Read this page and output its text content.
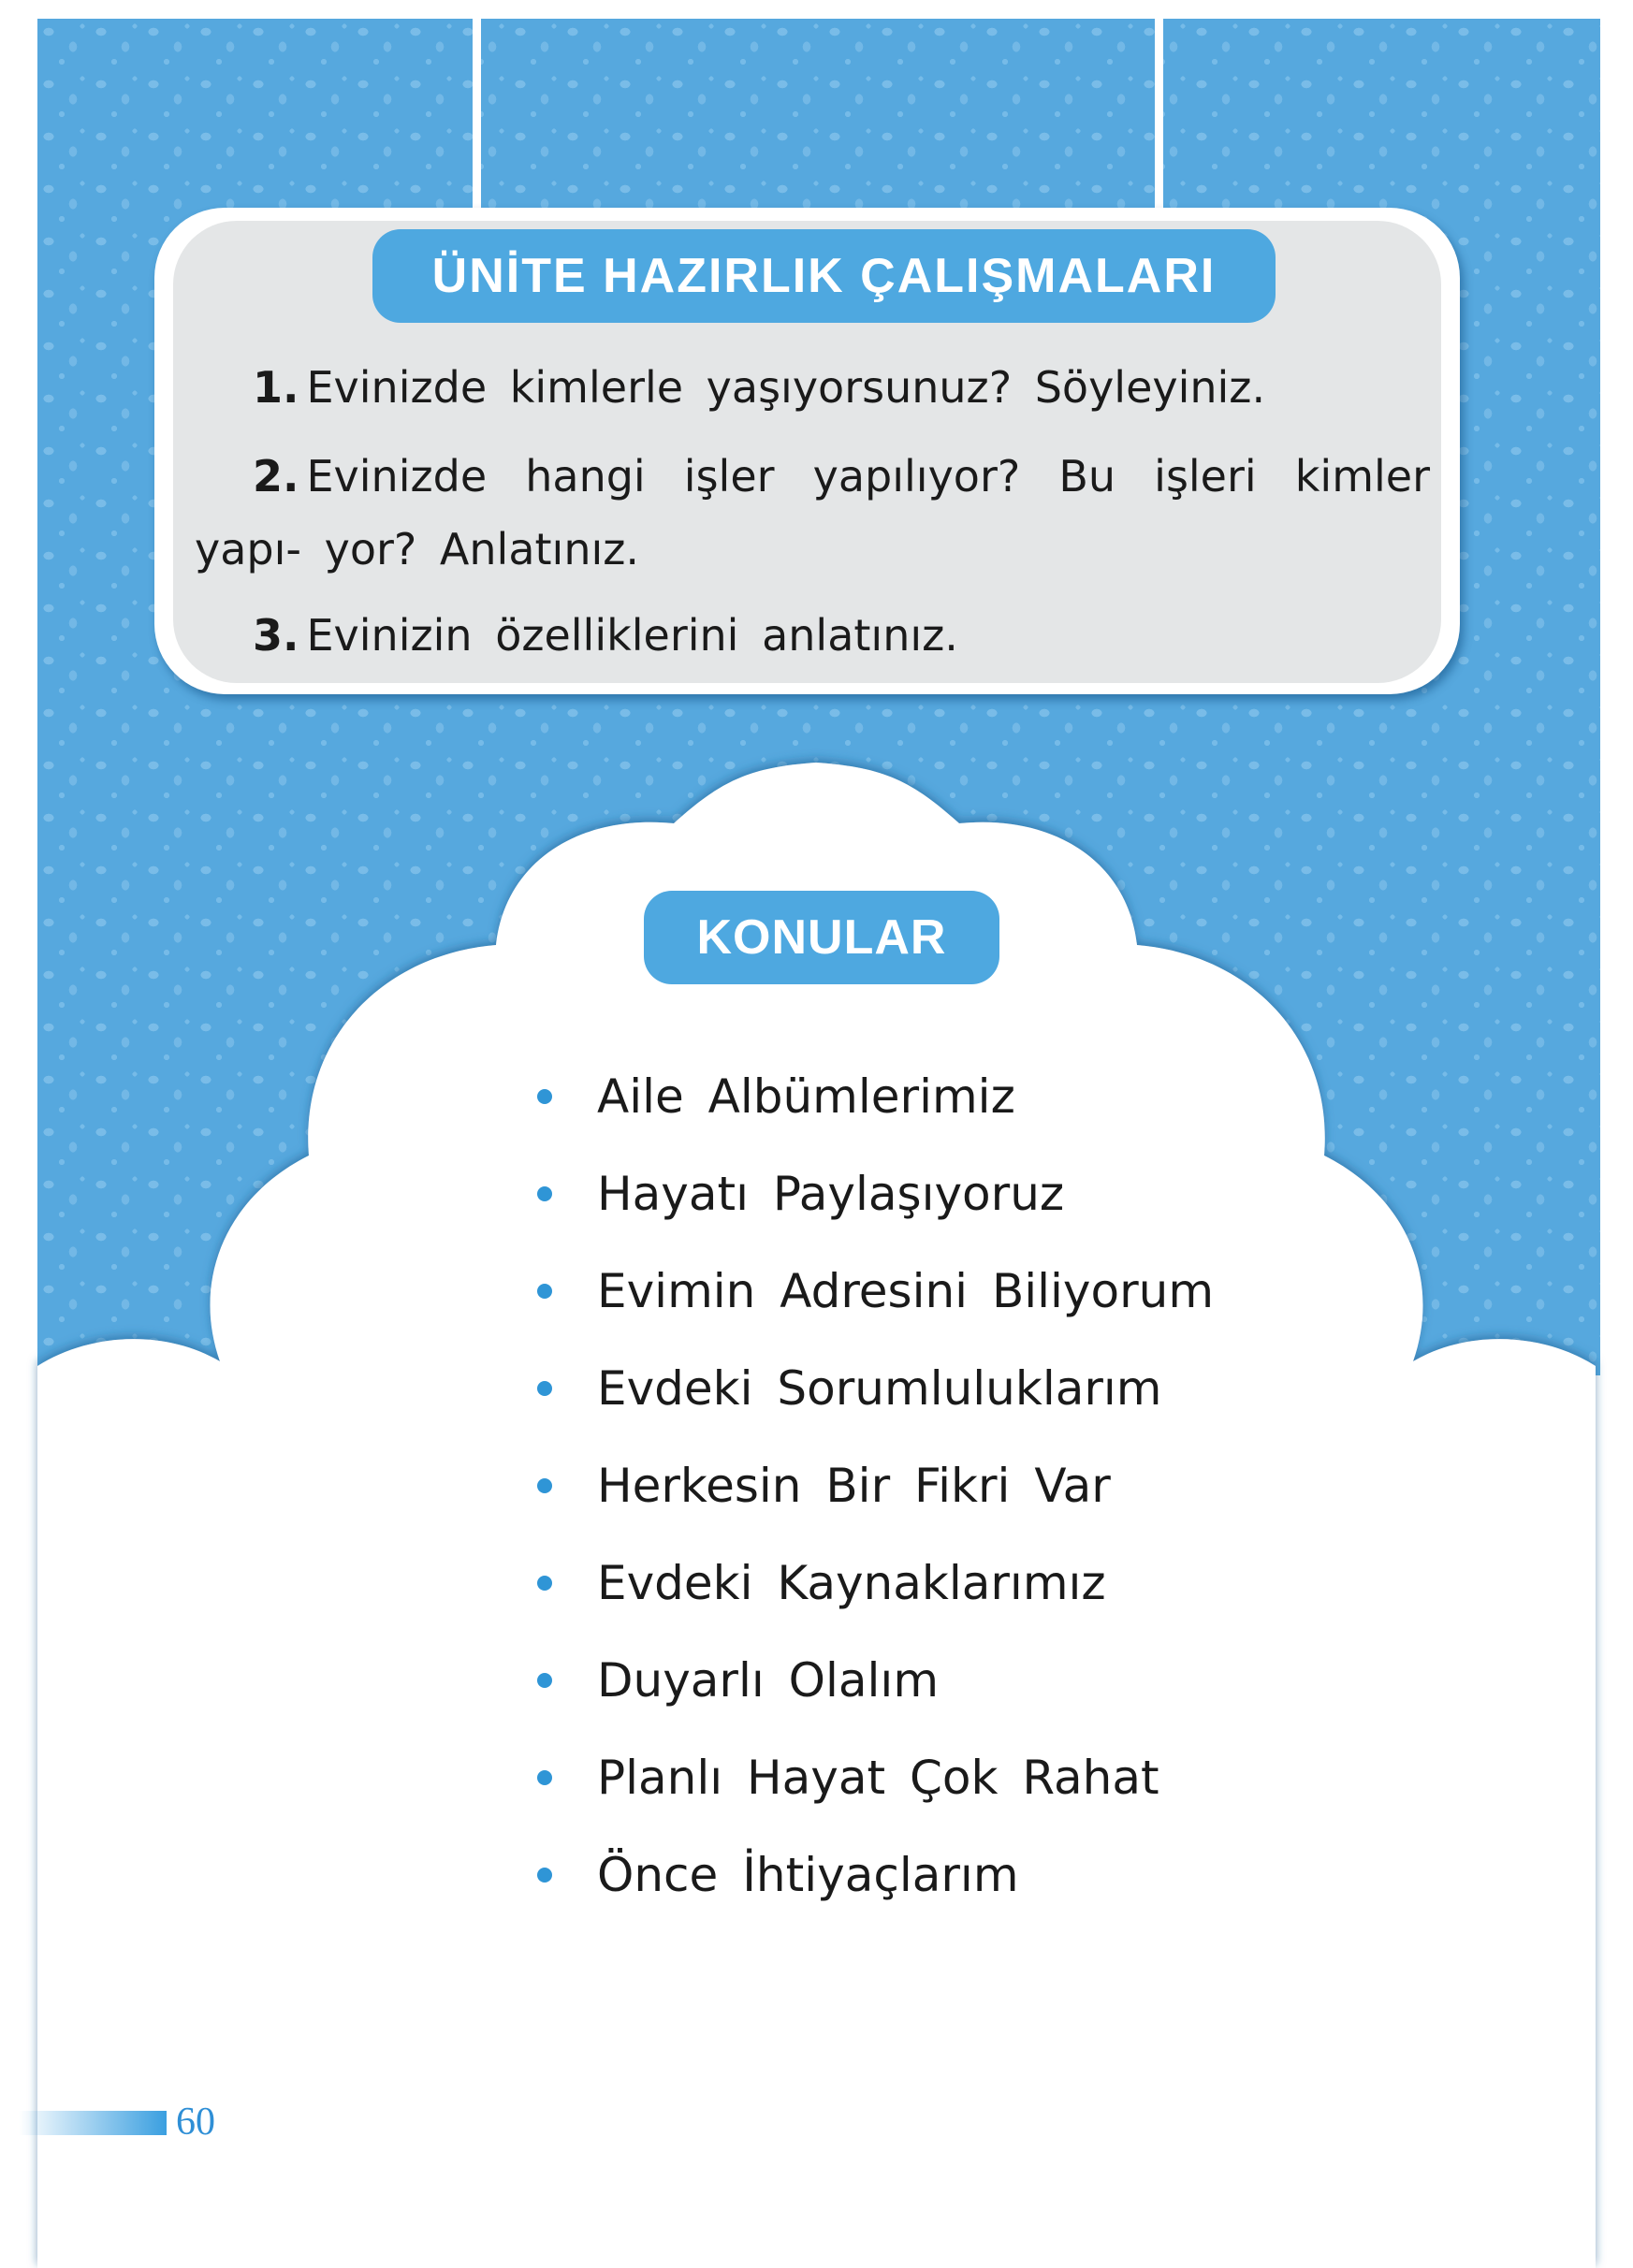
ÜNİTE HAZIRLIK ÇALIŞMALARI
1. Evinizde kimlerle yaşıyorsunuz? Söyleyiniz.
2. Evinizde hangi işler yapılıyor? Bu işleri kimler yapı- yor? Anlatınız.
3. Evinizin özelliklerini anlatınız.
KONULAR
Aile Albümlerimiz
Hayatı Paylaşıyoruz
Evimin Adresini Biliyorum
Evdeki Sorumluluklarım
Herkesin Bir Fikri Var
Evdeki Kaynaklarımız
Duyarlı Olalım
Planlı Hayat Çok Rahat
Önce İhtiyaçlarım
60
